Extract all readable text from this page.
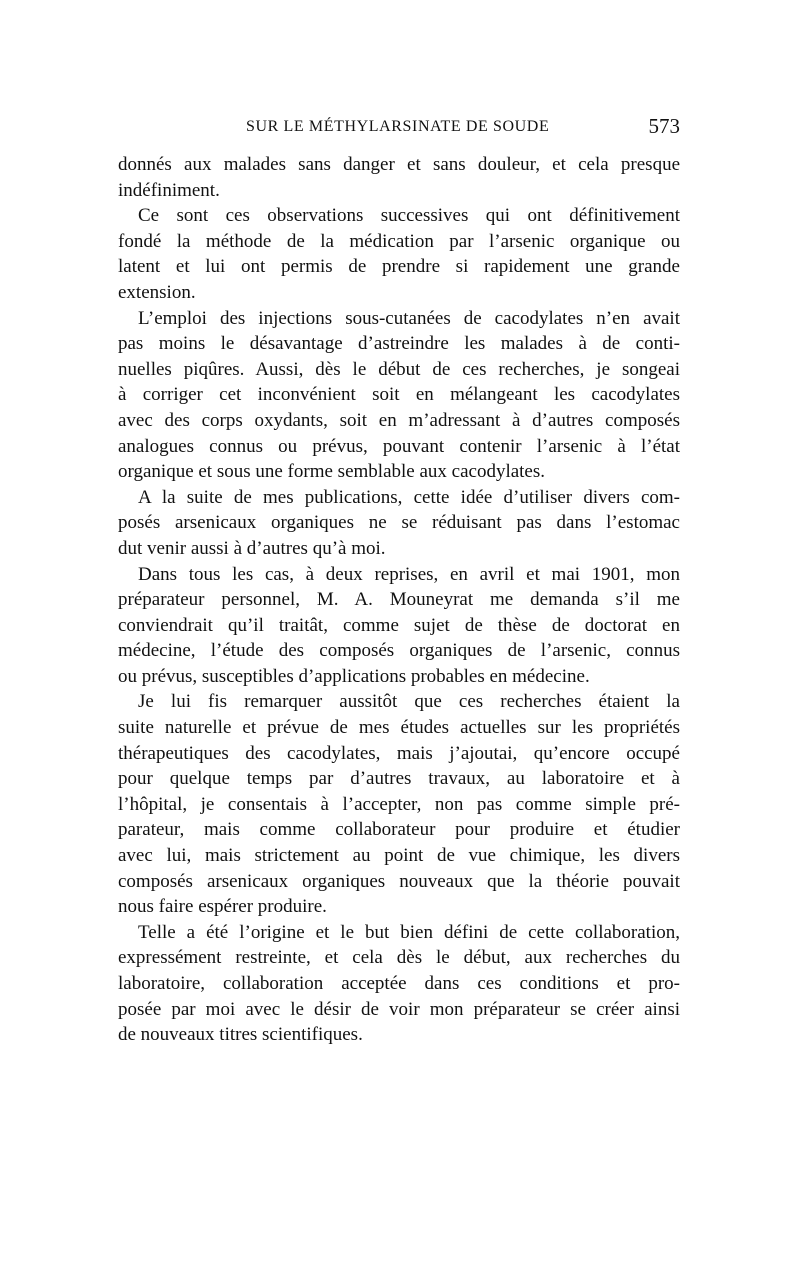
SUR LE MÉTHYLARSINATE DE SOUDE	573
donnés aux malades sans danger et sans douleur, et cela presque
indéfiniment.
Ce sont ces observations successives qui ont définitivement
fondé la méthode de la médication par l’arsenic organique ou
latent et lui ont permis de prendre si rapidement une grande
extension.
L’emploi des injections sous-cutanées de cacodylates n’en avait
pas moins le désavantage d’astreindre les malades à de conti-
nuelles piqûres. Aussi, dès le début de ces recherches, je songeai
à corriger cet inconvénient soit en mélangeant les cacodylates
avec des corps oxydants, soit en m’adressant à d’autres composés
analogues connus ou prévus, pouvant contenir l’arsenic à l’état
organique et sous une forme semblable aux cacodylates.
A la suite de mes publications, cette idée d’utiliser divers com-
posés arsenicaux organiques ne se réduisant pas dans l’estomac
dut venir aussi à d’autres qu’à moi.
Dans tous les cas, à deux reprises, en avril et mai 1901, mon
préparateur personnel, M. A. Mouneyrat me demanda s’il me
conviendrait qu’il traitât, comme sujet de thèse de doctorat en
médecine, l’étude des composés organiques de l’arsenic, connus
ou prévus, susceptibles d’applications probables en médecine.
Je lui fis remarquer aussitôt que ces recherches étaient la
suite naturelle et prévue de mes études actuelles sur les propriétés
thérapeutiques des cacodylates, mais j’ajoutai, qu’encore occupé
pour quelque temps par d’autres travaux, au laboratoire et à
l’hôpital, je consentais à l’accepter, non pas comme simple pré-
parateur, mais comme collaborateur pour produire et étudier
avec lui, mais strictement au point de vue chimique, les divers
composés arsenicaux organiques nouveaux que la théorie pouvait
nous faire espérer produire.
Telle a été l’origine et le but bien défini de cette collaboration,
expressément restreinte, et cela dès le début, aux recherches du
laboratoire, collaboration acceptée dans ces conditions et pro-
posée par moi avec le désir de voir mon préparateur se créer ainsi
de nouveaux titres scientifiques.
